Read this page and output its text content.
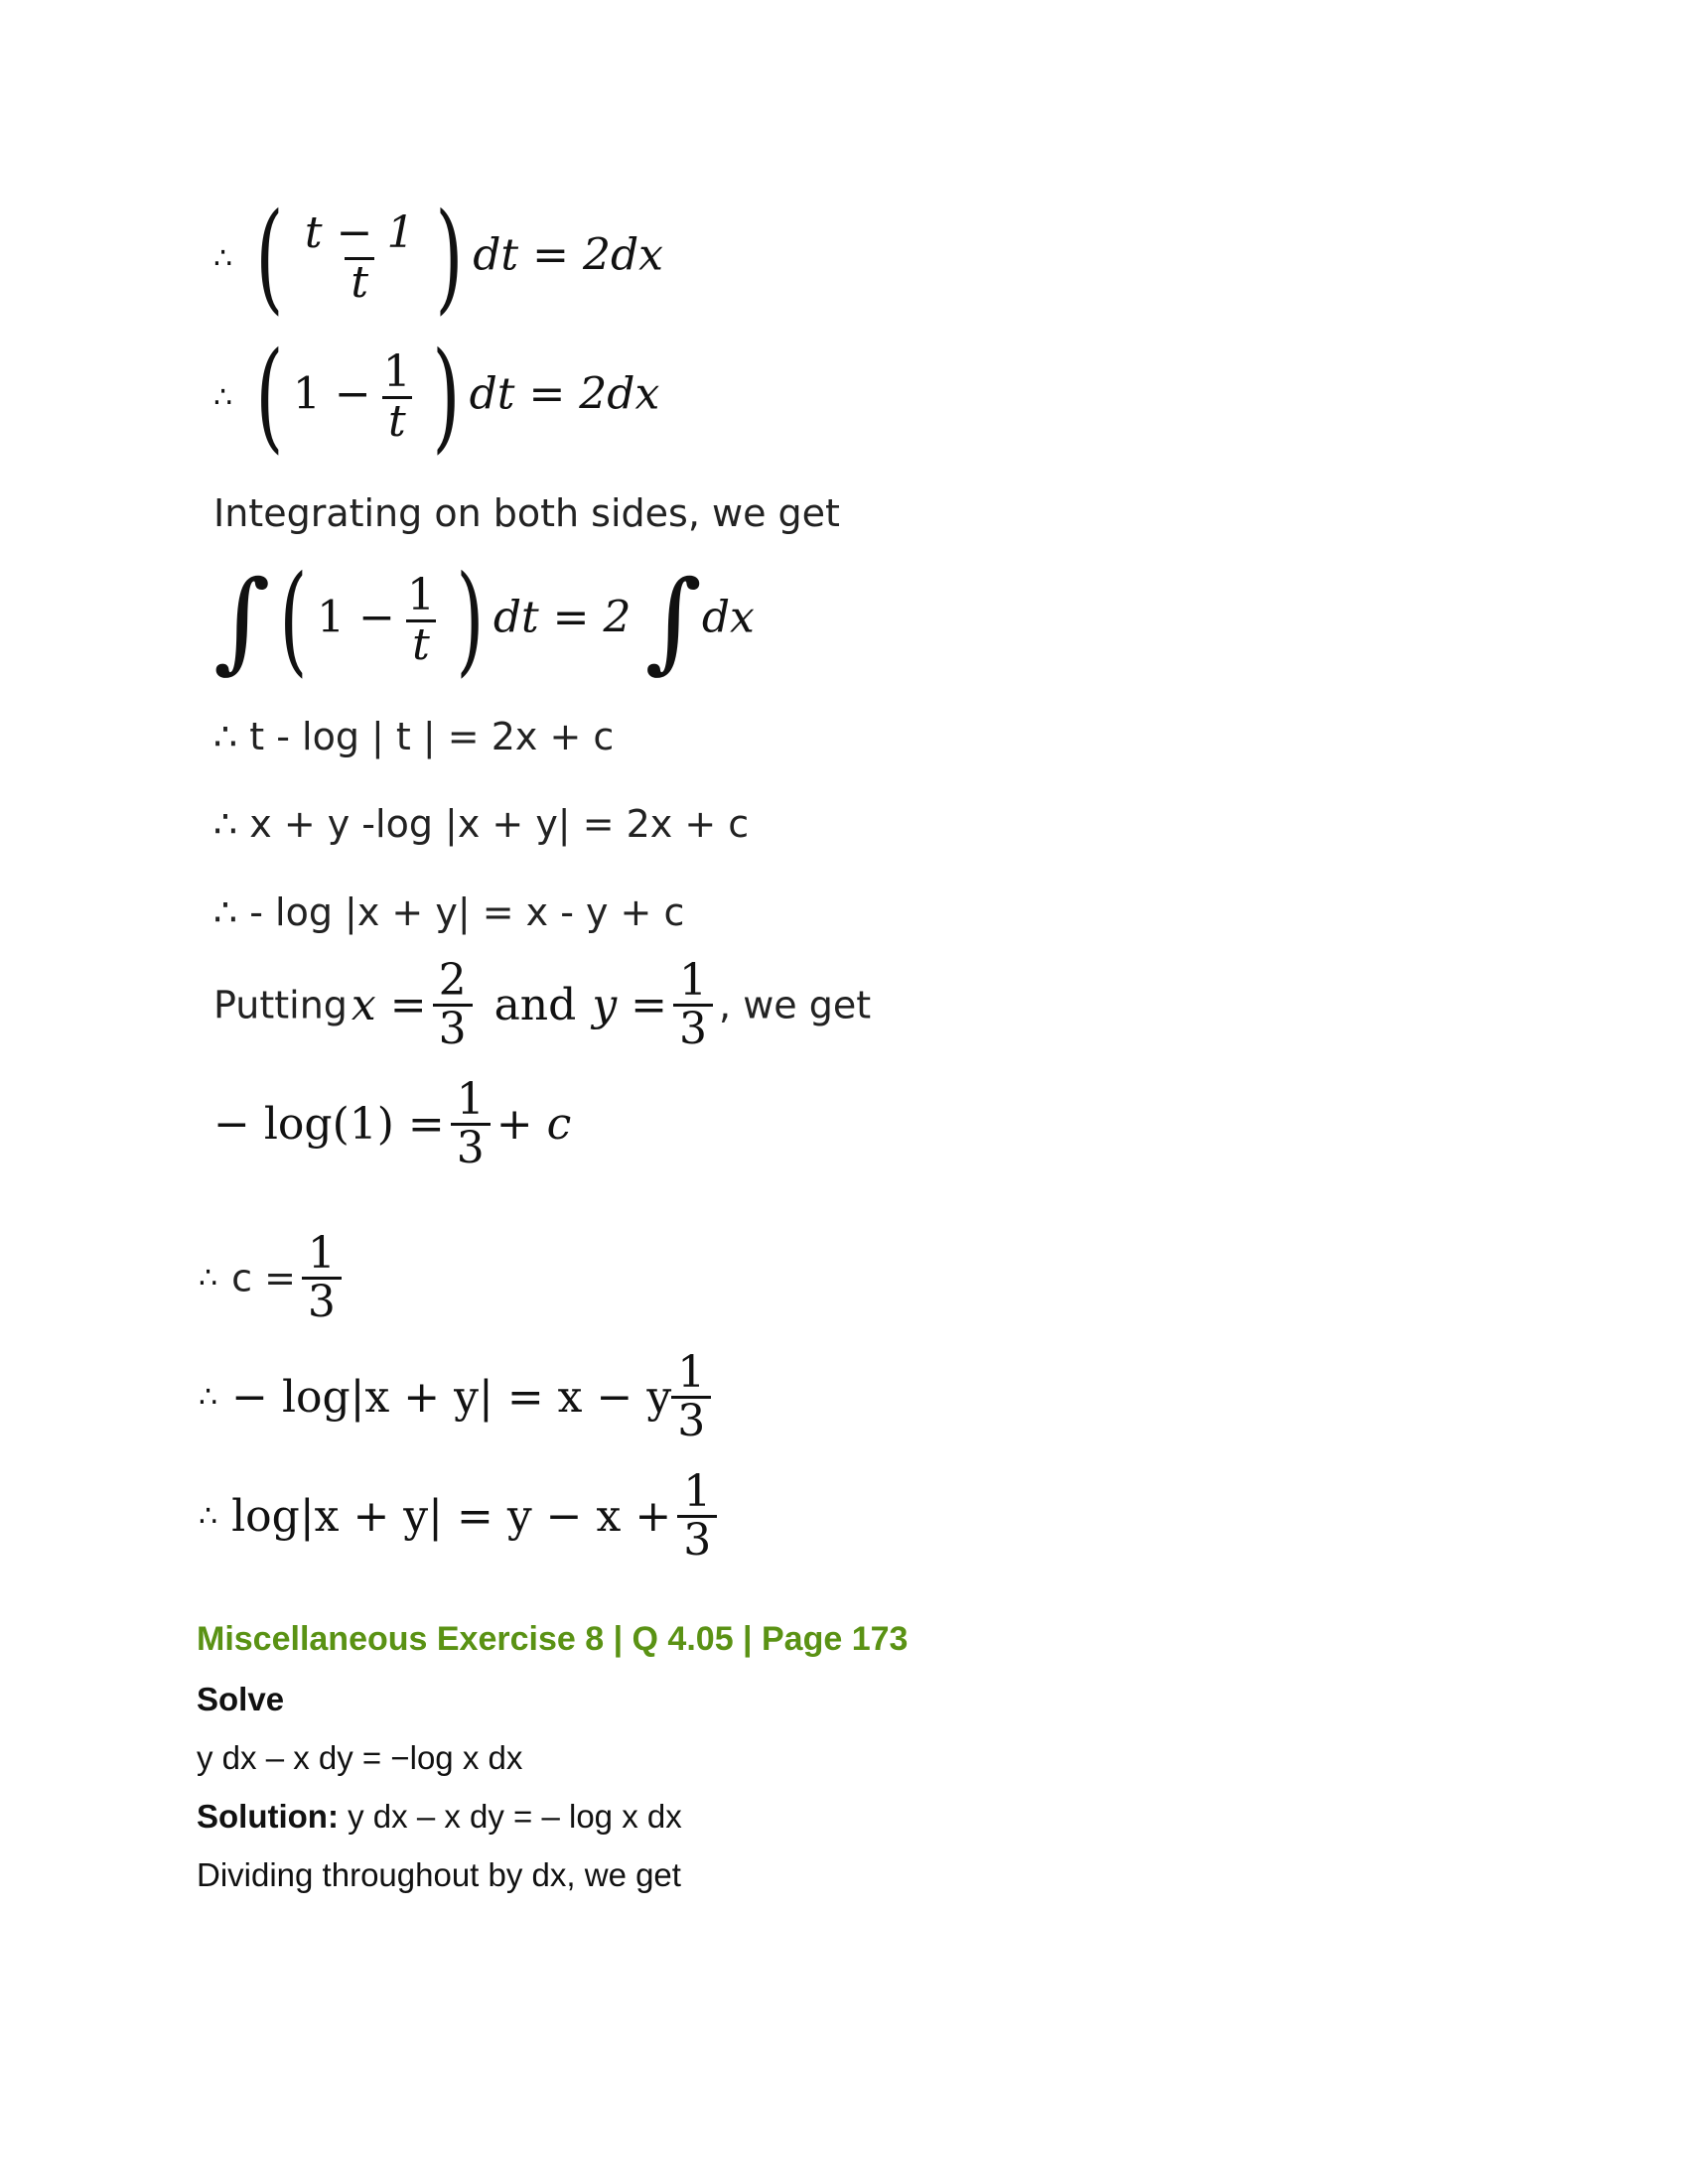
∴ ( $\frac{t - 1}{t}$ ) dt = 2dx
∴ ( $1 - \frac{1}{t}$ ) dt = 2dx
Integrating on both sides, we get
∫( $1 - \frac{1}{t}$ ) dt = 2 ∫dx
∴ t - log | t | = 2x + c
∴ x + y -log |x + y| = 2x + c
∴ - log |x + y| = x - y + c
Putting $x = \frac{2}{3}$ and $y = \frac{1}{3}$ , we get
− $\log(1) = \frac{1}{3} + c$
∴ $c = \frac{1}{3}$
∴ − log|x + y| = x − y $\frac{1}{3}$
∴ $\log|x + y| = y - x + \frac{1}{3}$
Miscellaneous Exercise 8 | Q 4.05 | Page 173
Solve
y dx – x dy = −log x dx
Solution: y dx – x dy = – log x dx
Dividing throughout by dx, we get
